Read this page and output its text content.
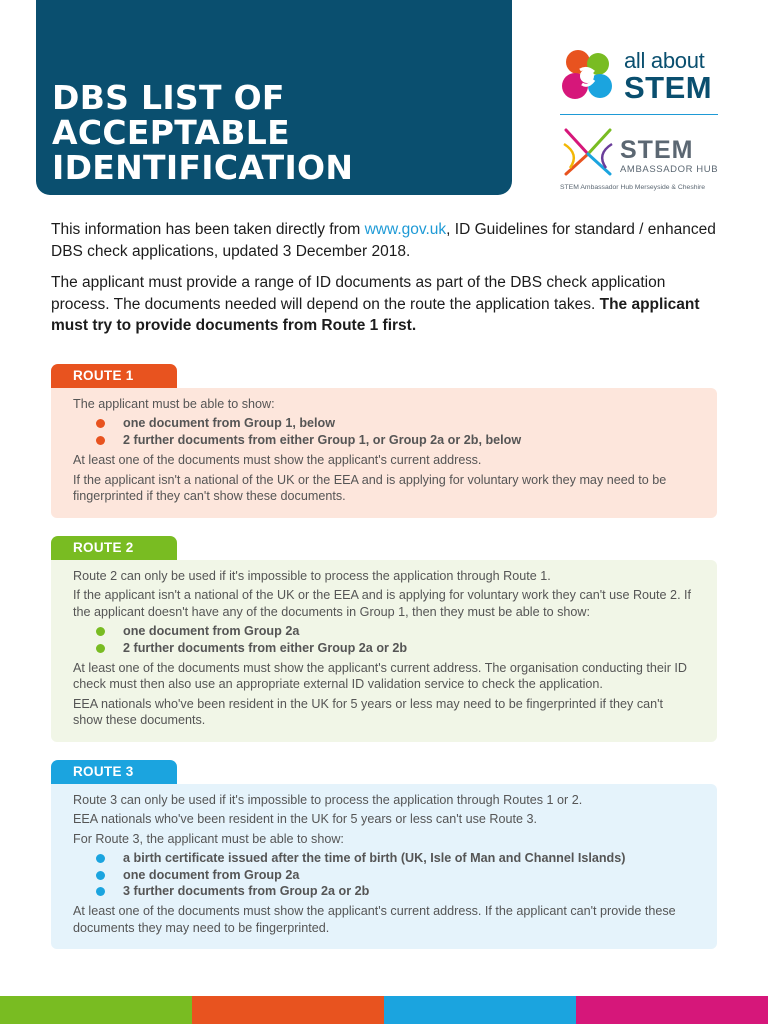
DBS LIST OF
ACCEPTABLE
IDENTIFICATION
all about
STEM
STEM
AMBASSADOR HUB
STEM Ambassador Hub Merseyside & Cheshire

This information has been taken directly from www.gov.uk, ID Guidelines for standard / enhanced DBS check applications, updated 3 December 2018.

The applicant must provide a range of ID documents as part of the DBS check application process. The documents needed will depend on the route the application takes. The applicant must try to provide documents from Route 1 first.

ROUTE 1

The applicant must be able to show:

one document from Group 1, below
2 further documents from either Group 1, or Group 2a or 2b, below

At least one of the documents must show the applicant's current address.

If the applicant isn't a national of the UK or the EEA and is applying for voluntary work they may need to be fingerprinted if they can't show these documents.

ROUTE 2

Route 2 can only be used if it's impossible to process the application through Route 1.

If the applicant isn't a national of the UK or the EEA and is applying for voluntary work they can't use Route 2. If the applicant doesn't have any of the documents in Group 1, then they must be able to show:

one document from Group 2a
2 further documents from either Group 2a or 2b

At least one of the documents must show the applicant's current address. The organisation conducting their ID check must then also use an appropriate external ID validation service to check the application.

EEA nationals who've been resident in the UK for 5 years or less may need to be fingerprinted if they can't show these documents.

ROUTE 3

Route 3 can only be used if it's impossible to process the application through Routes 1 or 2.

EEA nationals who've been resident in the UK for 5 years or less can't use Route 3.

For Route 3, the applicant must be able to show:

a birth certificate issued after the time of birth (UK, Isle of Man and Channel Islands)
one document from Group 2a
3 further documents from Group 2a or 2b

At least one of the documents must show the applicant's current address. If the applicant can't provide these documents they may need to be fingerprinted.
